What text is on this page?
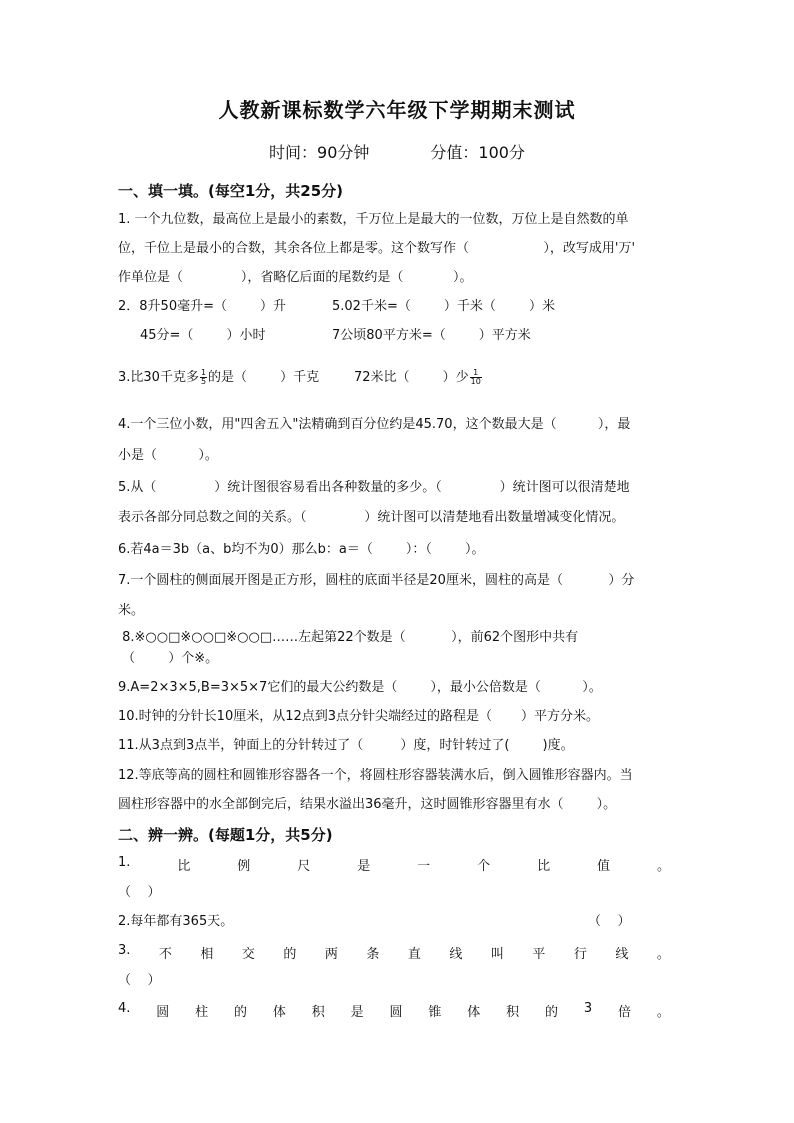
人教新课标数学六年级下学期期末测试
时间：90分钟	分值：100分
一、填一填。(每空1分，共25分)
1. 一个九位数，最高位上是最小的素数，千万位上是最大的一位数，万位上是自然数的单
位，千位上是最小的合数，其余各位上都是零。这个数写作（                  ），改写成用'万'
作单位是（              ），省略亿后面的尾数约是（            ）。
2．8升50毫升=（        ）升	5.02千米=（        ）千米（        ）米
45分=（        ）小时	7公顷80平方米=（        ）平方米
3.比30千克多 $\frac{1}{5}$ 的是（        ）千克	72米比（        ）少 $\frac{1}{10}$
4.一个三位小数，用"四舍五入"法精确到百分位约是45.70，这个数最大是（          ），最
小是（          ）。
5.从（              ）统计图很容易看出各种数量的多少。（              ）统计图可以很清楚地
表示各部分同总数之间的关系。（              ）统计图可以清楚地看出数量增减变化情况。
6.若4a＝3b（a、b均不为0）那么b：a＝（        ）：（        ）。
7.一个圆柱的侧面展开图是正方形，圆柱的底面半径是20厘米，圆柱的高是（           ）分
米。
8.※○○□※○○□※○○□……左起第22个数是（           ），前62个图形中共有
（        ）个※。
9.A=2×3×5,B=3×5×7它们的最大公约数是（        ），最小公倍数是（          ）。
10.时钟的分针长10厘米，从12点到3点分针尖端经过的路程是（       ）平方分米。
11.从3点到3点半，钟面上的分针转过了（         ）度，时针转过了(        )度。
12.等底等高的圆柱和圆锥形容器各一个，将圆柱形容器装满水后，倒入圆锥形容器内。当
圆柱形容器中的水全部倒完后，结果水溢出36毫升，这时圆锥形容器里有水（        ）。
二、辨一辨。(每题1分，共5分)
1.	比	例	尺	是	一	个	比	值	。
（    ）
2.每年都有365天。	（    ）
3. 不 相 交 的 两 条 直 线 叫 平 行 线 。
（    ）
4. 圆 柱 的 体 积 是 圆 锥 体 积 的 3 倍 。
